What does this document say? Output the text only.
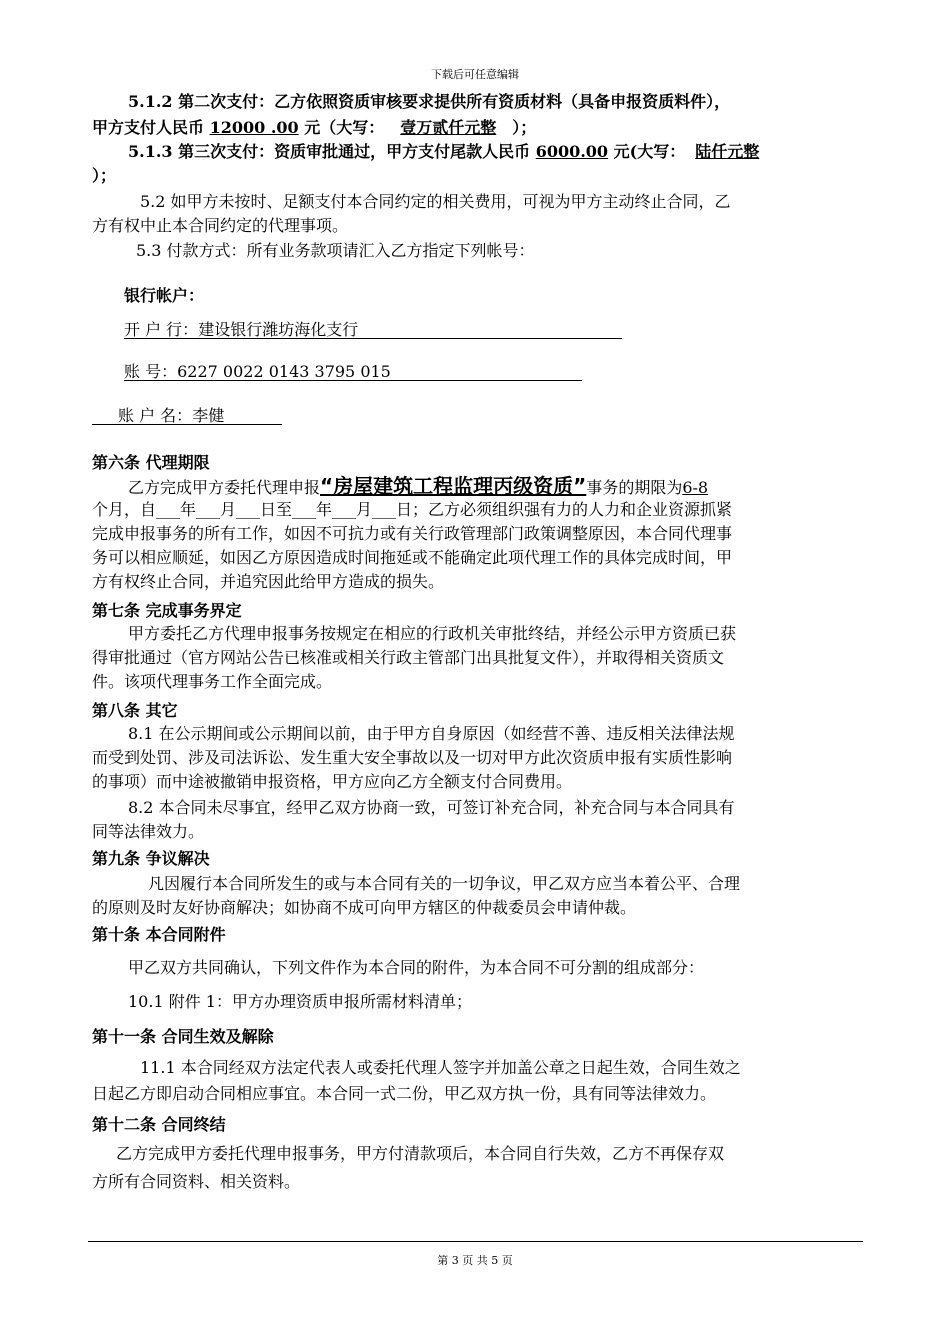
下载后可任意编辑
5.1.2 第二次支付：乙方依照资质审核要求提供所有资质材料（具备申报资质料件），
甲方支付人民币 12000 .00 元（大写： 壹万贰仟元整 ）；
5.1.3 第三次支付：资质审批通过，甲方支付尾款人民币 6000.00 元(大写： 陆仟元整
）；
5.2 如甲方未按时、足额支付本合同约定的相关费用，可视为甲方主动终止合同，乙
方有权中止本合同约定的代理事项。
5.3 付款方式：所有业务款项请汇入乙方指定下列帐号：
银行帐户：
开 户 行：建设银行潍坊海化支行
账 号：6227 0022 0143 3795 015
账 户 名：李健
第六条 代理期限
乙方完成甲方委托代理申报“房屋建筑工程监理丙级资质”事务的期限为6-8
个月，自___年___月___日至___年___月___日；乙方必须组织强有力的人力和企业资源抓紧
完成申报事务的所有工作，如因不可抗力或有关行政管理部门政策调整原因，本合同代理事
务可以相应顺延，如因乙方原因造成时间拖延或不能确定此项代理工作的具体完成时间，甲
方有权终止合同，并追究因此给甲方造成的损失。
第七条 完成事务界定
甲方委托乙方代理申报事务按规定在相应的行政机关审批终结，并经公示甲方资质已获
得审批通过（官方网站公告已核准或相关行政主管部门出具批复文件），并取得相关资质文
件。该项代理事务工作全面完成。
第八条 其它
8.1 在公示期间或公示期间以前，由于甲方自身原因（如经营不善、违反相关法律法规
而受到处罚、涉及司法诉讼、发生重大安全事故以及一切对甲方此次资质申报有实质性影响
的事项）而中途被撤销申报资格，甲方应向乙方全额支付合同费用。
8.2 本合同未尽事宜，经甲乙双方协商一致，可签订补充合同，补充合同与本合同具有
同等法律效力。
第九条 争议解决
凡因履行本合同所发生的或与本合同有关的一切争议，甲乙双方应当本着公平、合理
的原则及时友好协商解决；如协商不成可向甲方辖区的仲裁委员会申请仲裁。
第十条 本合同附件
甲乙双方共同确认，下列文件作为本合同的附件，为本合同不可分割的组成部分：
10.1 附件 1：甲方办理资质申报所需材料清单；
第十一条 合同生效及解除
11.1 本合同经双方法定代表人或委托代理人签字并加盖公章之日起生效，合同生效之
日起乙方即启动合同相应事宜。本合同一式二份，甲乙双方执一份，具有同等法律效力。
第十二条 合同终结
乙方完成甲方委托代理申报事务，甲方付清款项后，本合同自行失效，乙方不再保存双
方所有合同资料、相关资料。
第 3 页 共 5 页
